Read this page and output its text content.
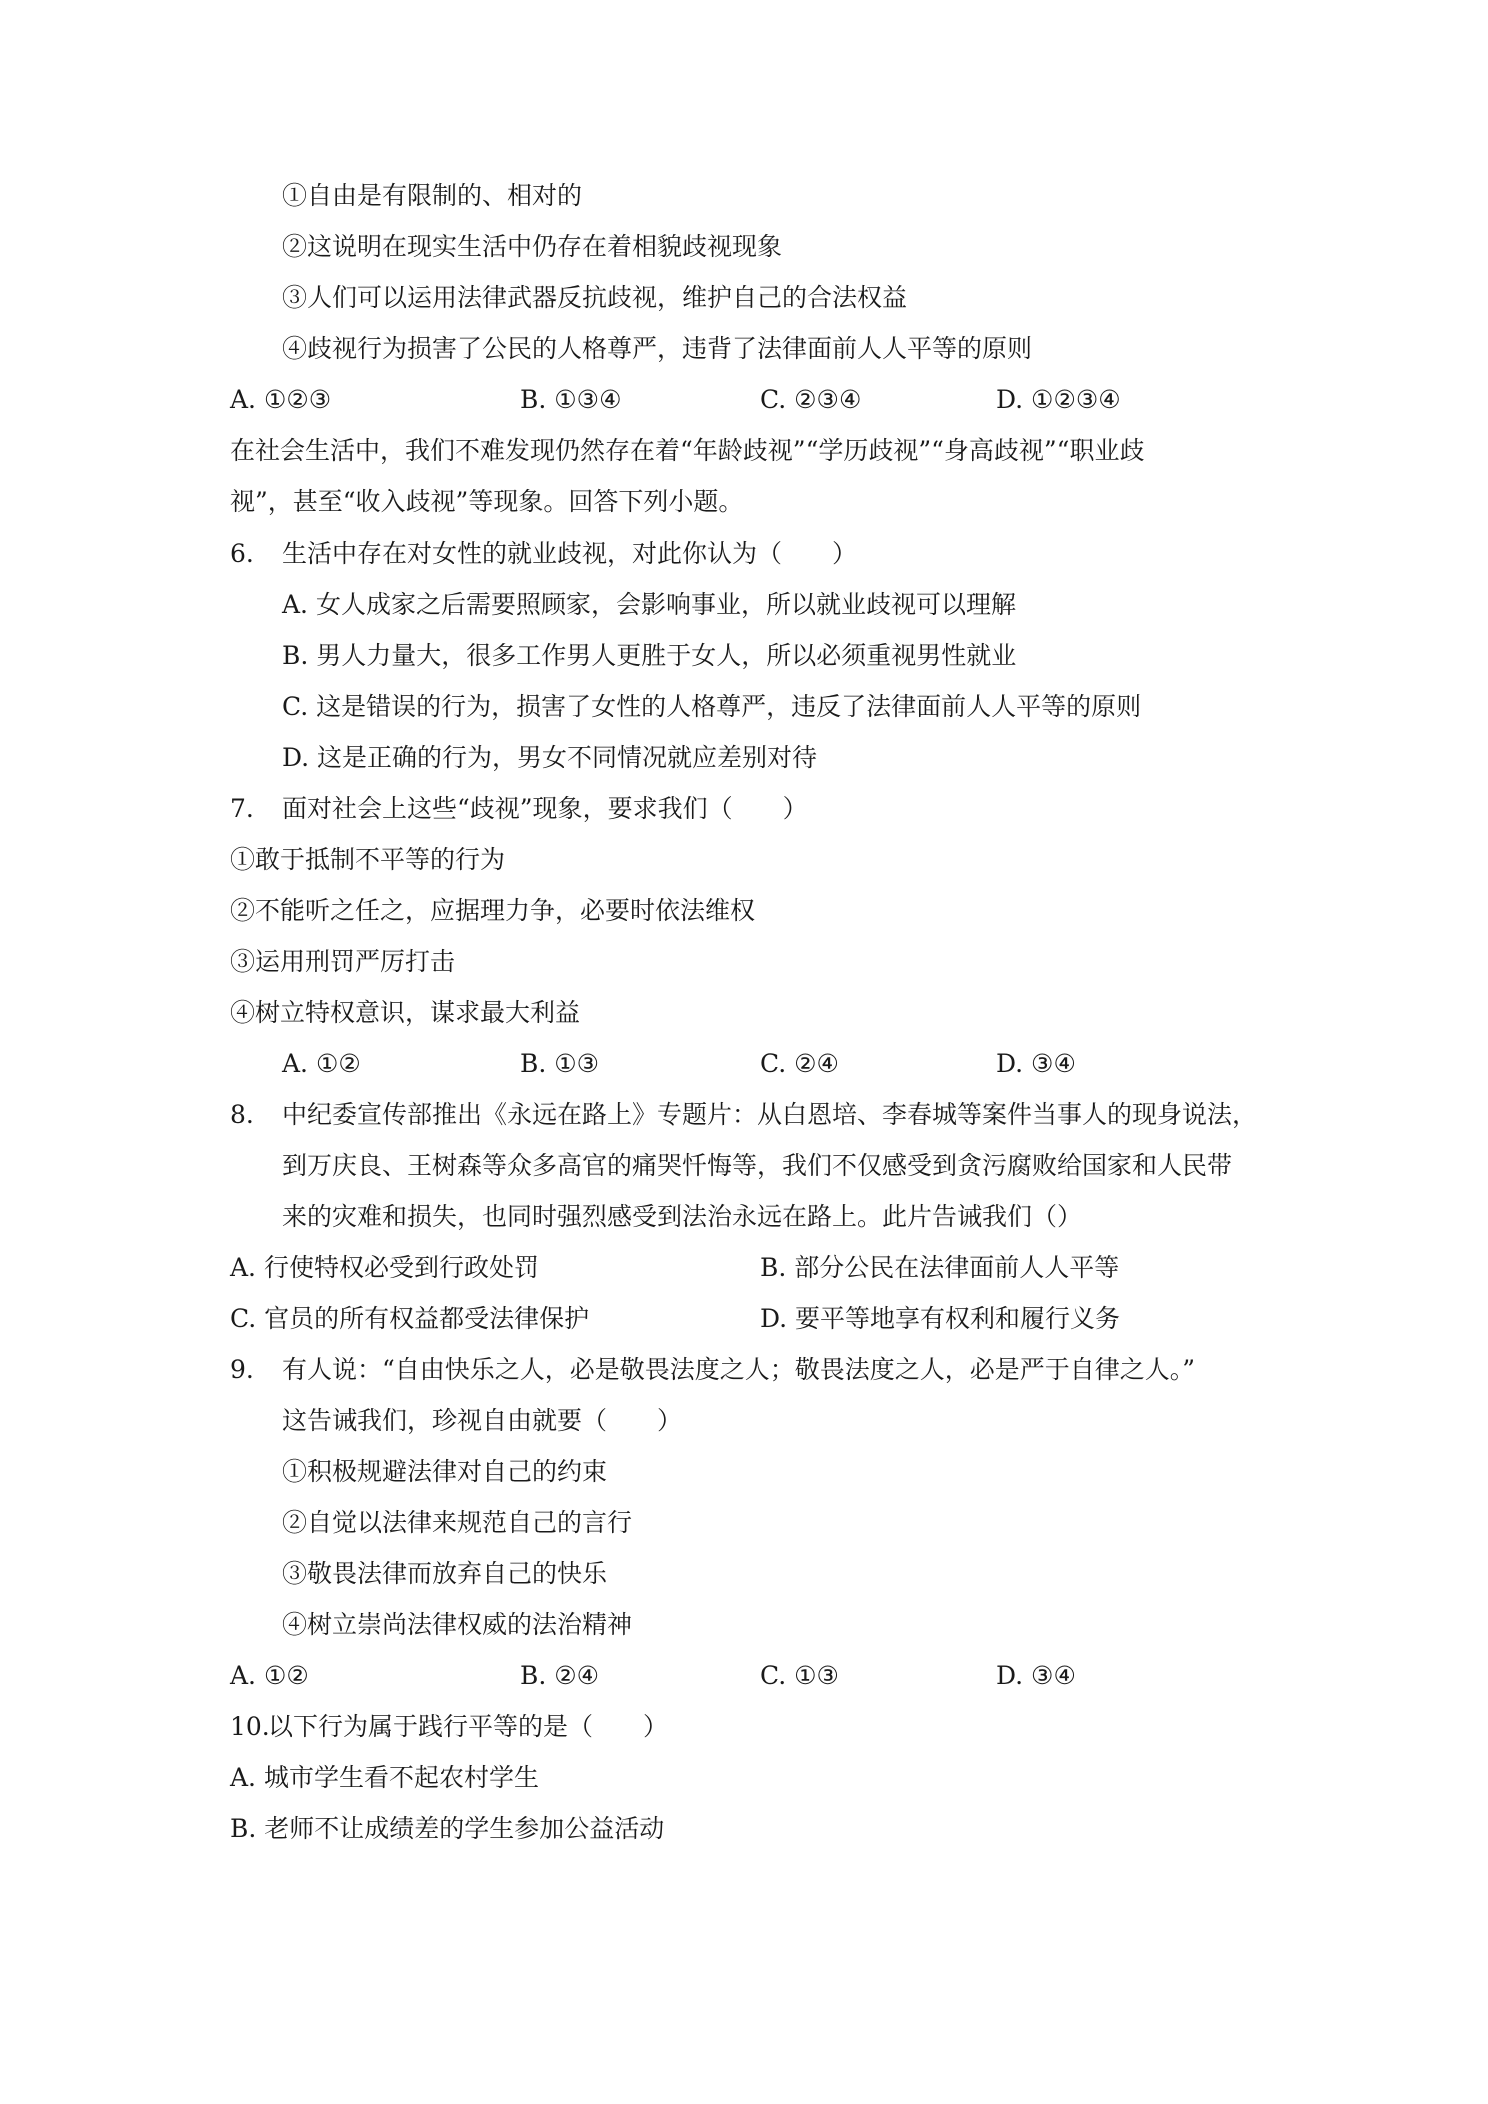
①自由是有限制的、相对的
②这说明在现实生活中仍存在着相貌歧视现象
③人们可以运用法律武器反抗歧视，维护自己的合法权益
④歧视行为损害了公民的人格尊严，违背了法律面前人人平等的原则
A. ①②③	B. ①③④	C. ②③④	D. ①②③④
在社会生活中，我们不难发现仍然存在着“年龄歧视”“学历歧视”“身高歧视”“职业歧
视”，甚至“收入歧视”等现象。回答下列小题。
6. 生活中存在对女性的就业歧视，对此你认为（　　）
A. 女人成家之后需要照顾家，会影响事业，所以就业歧视可以理解
B. 男人力量大，很多工作男人更胜于女人，所以必须重视男性就业
C. 这是错误的行为，损害了女性的人格尊严，违反了法律面前人人平等的原则
D. 这是正确的行为，男女不同情况就应差别对待
7. 面对社会上这些“歧视”现象，要求我们（　　）
①敢于抵制不平等的行为
②不能听之任之，应据理力争，必要时依法维权
③运用刑罚严厉打击
④树立特权意识，谋求最大利益
A. ①②	B. ①③	C. ②④	D. ③④
8. 中纪委宣传部推出《永远在路上》专题片：从白恩培、李春城等案件当事人的现身说法，
到万庆良、王树森等众多高官的痛哭忏悔等，我们不仅感受到贪污腐败给国家和人民带
来的灾难和损失，也同时强烈感受到法治永远在路上。此片告诫我们（）
A. 行使特权必受到行政处罚	B. 部分公民在法律面前人人平等
C. 官员的所有权益都受法律保护	D. 要平等地享有权利和履行义务
9. 有人说：“自由快乐之人，必是敬畏法度之人；敬畏法度之人，必是严于自律之人。”
这告诫我们，珍视自由就要（　　）
①积极规避法律对自己的约束
②自觉以法律来规范自己的言行
③敬畏法律而放弃自己的快乐
④树立崇尚法律权威的法治精神
A. ①②	B. ②④	C. ①③	D. ③④
10.
以下行为属于践行平等的是（　　）
A. 城市学生看不起农村学生
B. 老师不让成绩差的学生参加公益活动
